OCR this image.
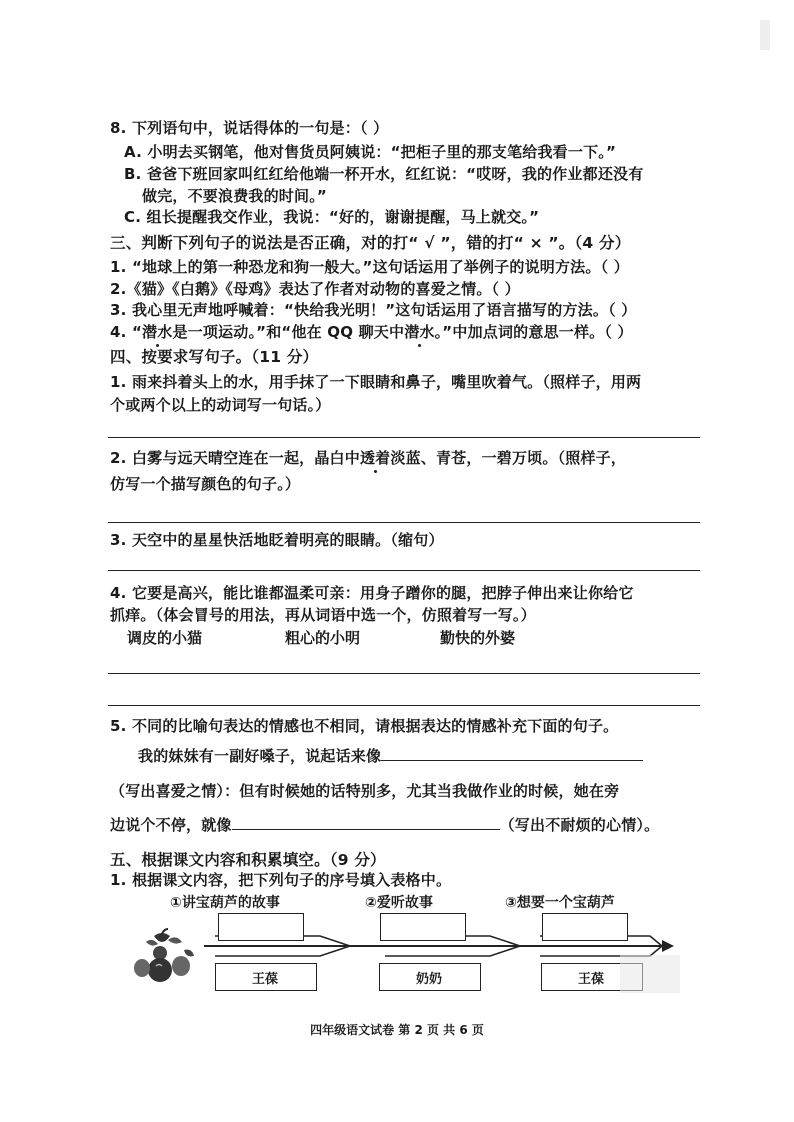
8. 下列语句中，说话得体的一句是：（ ）
A. 小明去买钢笔，他对售货员阿姨说：“把柜子里的那支笔给我看一下。”
B. 爸爸下班回家叫红红给他端一杯开水，红红说：“哎呀，我的作业都还没有
做完，不要浪费我的时间。”
C. 组长提醒我交作业，我说：“好的，谢谢提醒，马上就交。”
三、判断下列句子的说法是否正确，对的打“ √ ”，错的打“ × ”。（4 分）
1. “地球上的第一种恐龙和狗一般大。”这句话运用了举例子的说明方法。（ ）
2.《猫》《白鹅》《母鸡》表达了作者对动物的喜爱之情。（ ）
3. 我心里无声地呼喊着：“快给我光明！”这句话运用了语言描写的方法。（ ）
4. “潜水是一项运动。”和“他在 QQ 聊天中潜水。”中加点词的意思一样。（ ）
四、按要求写句子。（11 分）
1. 雨来抖着头上的水，用手抹了一下眼睛和鼻子，嘴里吹着气。（照样子，用两
个或两个以上的动词写一句话。）
2. 白雾与远天晴空连在一起，晶白中透着淡蓝、青苍，一碧万顷。（照样子，
仿写一个描写颜色的句子。）
3. 天空中的星星快活地眨着明亮的眼睛。（缩句）
4. 它要是高兴，能比谁都温柔可亲：用身子蹭你的腿，把脖子伸出来让你给它
抓痒。（体会冒号的用法，再从词语中选一个，仿照着写一写。）
调皮的小猫	粗心的小明	勤快的外婆
5. 不同的比喻句表达的情感也不相同，请根据表达的情感补充下面的句子。
我的妹妹有一副好嗓子，说起话来像
（写出喜爱之情）：但有时候她的话特别多，尤其当我做作业的时候，她在旁
边说个不停，就像	（写出不耐烦的心情）。
五、根据课文内容和积累填空。（9 分）
1. 根据课文内容，把下列句子的序号填入表格中。
①讲宝葫芦的故事	②爱听故事	③想要一个宝葫芦
王葆	奶奶	王葆
四年级语文试卷 第 2 页 共 6 页
